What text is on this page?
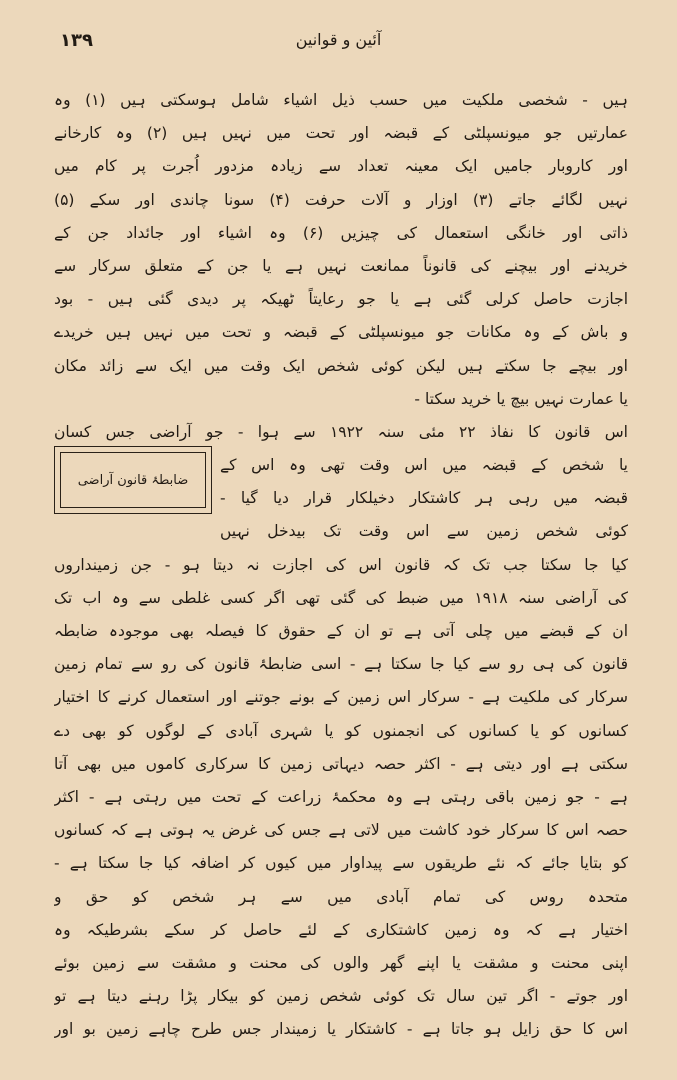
۱۳۹	آئین و قوانین
ہیں - شخصی ملکیت میں حسب ذیل اشیاء شامل ہوسکتی ہیں (۱) وہ
عمارتیں جو میونسپلٹی کے قبضہ اور تحت میں نہیں ہیں (۲) وہ کارخانے
اور کاروبار جامیں ایک معینہ تعداد سے زیادہ مزدور اُجرت پر کام میں
نہیں لگائے جاتے (۳) اوزار و آلات حرفت (۴) سونا چاندی اور سکے (۵)
ذاتی اور خانگی استعمال کی چیزیں (۶) وہ اشیاء اور جائداد جن کے
خریدنے اور بیچنے کی قانوناً ممانعت نہیں ہے یا جن کے متعلق سرکار سے
اجازت حاصل کرلی گئی ہے یا جو رعایتاً ٹھیکہ پر دیدی گئی ہیں - بود
و باش کے وہ مکانات جو میونسپلٹی کے قبضہ و تحت میں نہیں ہیں خریدے
اور بیچے جا سکتے ہیں لیکن کوئی شخص ایک وقت میں ایک سے زائد مکان
یا عمارت نہیں بیچ یا خرید سکتا -
اس قانون کا نفاذ ۲۲ مئی سنہ ۱۹۲۲ سے ہوا - جو آراضی جس کسان
یا شخص کے قبضہ میں اس وقت تھی وہ اس کے
قبضہ میں رہی ہر کاشتکار دخیلکار قرار دیا گیا -
کوئی شخص زمین سے اس وقت تک بیدخل نہیں
کیا جا سکتا جب تک کہ قانون اس کی اجازت نہ دیتا ہو - جن زمینداروں
کی آراضی سنہ ۱۹۱۸ میں ضبط کی گئی تھی اگر کسی غلطی سے وہ اب تک
ان کے قبضے میں چلی آتی ہے تو ان کے حقوق کا فیصلہ بھی موجودہ ضابطہ
قانون کی ہی رو سے کیا جا سکتا ہے - اسی ضابطۂ قانون کی رو سے تمام زمین
سرکار کی ملکیت ہے - سرکار اس زمین کے بونے جوتنے اور استعمال کرنے کا اختیار
کسانوں کو یا کسانوں کی انجمنوں کو یا شہری آبادی کے لوگوں کو بھی دے
سکتی ہے اور دیتی ہے - اکثر حصہ دیہاتی زمین کا سرکاری کاموں میں بھی آتا
ہے - جو زمین باقی رہتی ہے وہ محکمۂ زراعت کے تحت میں رہتی ہے - اکثر
حصہ اس کا سرکار خود کاشت میں لاتی ہے جس کی غرض یہ ہوتی ہے کہ کسانوں
کو بتایا جائے کہ نئے طریقوں سے پیداوار میں کیوں کر اضافہ کیا جا سکتا ہے -
متحدہ روس کی تمام آبادی میں سے ہر شخص کو حق و
اختیار ہے کہ وہ زمین کاشتکاری کے لئے حاصل کر سکے بشرطیکہ وہ
اپنی محنت و مشقت یا اپنے گھر والوں کی محنت و مشقت سے زمین بوئے
اور جوتے - اگر تین سال تک کوئی شخص زمین کو بیکار پڑا رہنے دیتا ہے تو
اس کا حق زایل ہو جاتا ہے - کاشتکار یا زمیندار جس طرح چاہے زمین بو اور
ضابطۂ قانون آراضی
